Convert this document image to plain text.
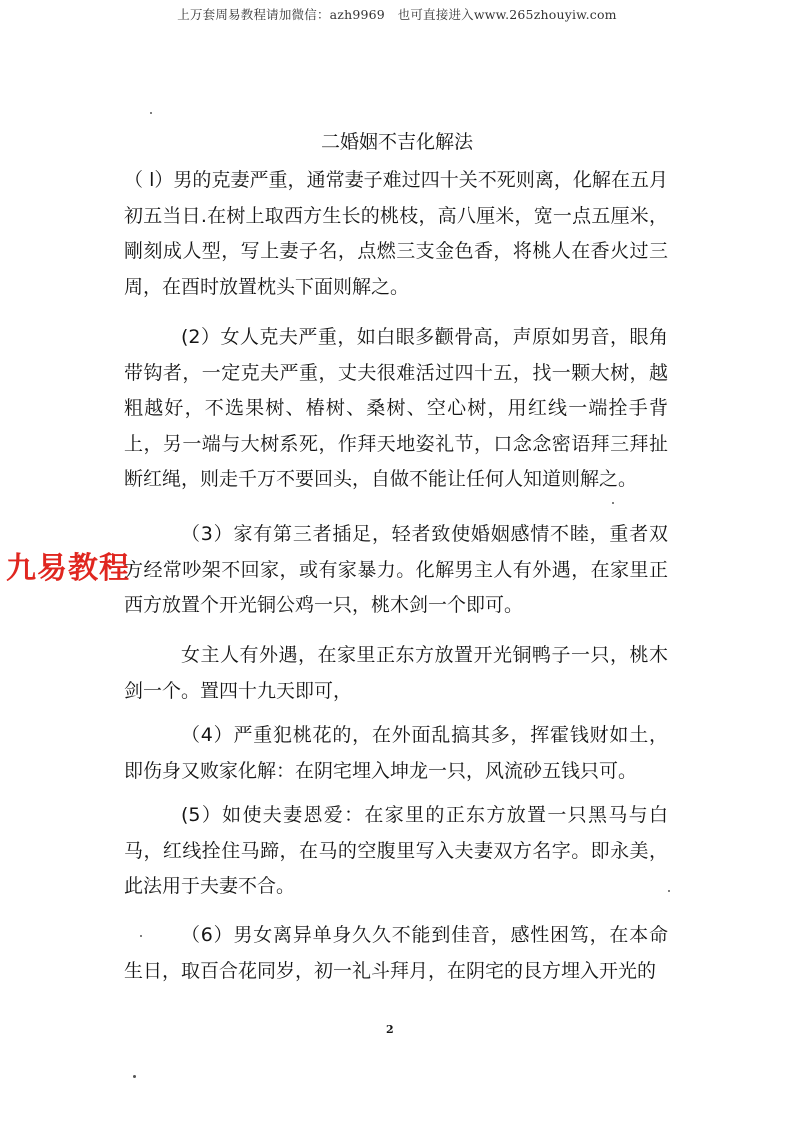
上万套周易教程请加微信：azh9969　也可直接进入www.265zhouyiw.com
九易教程
二婚姻不吉化解法
（ l）男的克妻严重，通常妻子难过四十关不死则离，化解在五月初五当日.在树上取西方生长的桃枝，高八厘米，宽一点五厘米，剛刻成人型，写上妻子名，点燃三支金色香，将桃人在香火过三周，在酉时放置枕头下面则解之。
(2）女人克夫严重，如白眼多颧骨高，声原如男音，眼角带钩者，一定克夫严重，丈夫很难活过四十五，找一颗大树，越粗越好，不选果树、椿树、桑树、空心树，用红线一端拴手背上，另一端与大树系死，作拜天地姿礼节，口念念密语拜三拜扯断红绳，则走千万不要回头，自做不能让任何人知道则解之。
（3）家有第三者插足，轻者致使婚姻感情不睦，重者双方经常吵架不回家，或有家暴力。化解男主人有外遇，在家里正西方放置个开光铜公鸡一只，桃木剑一个即可。
女主人有外遇，在家里正东方放置开光铜鸭子一只，桃木剑一个。置四十九天即可，
（4）严重犯桃花的，在外面乱搞其多，挥霍钱财如土，即伤身又败家化解：在阴宅埋入坤龙一只，风流砂五钱只可。
(5）如使夫妻恩爱：在家里的正东方放置一只黑马与白马，红线拴住马蹄，在马的空腹里写入夫妻双方名字。即永美，此法用于夫妻不合。
（6）男女离异单身久久不能到佳音，感性困笃，在本命生日，取百合花同岁，初一礼斗拜月，在阴宅的艮方埋入开光的
2
